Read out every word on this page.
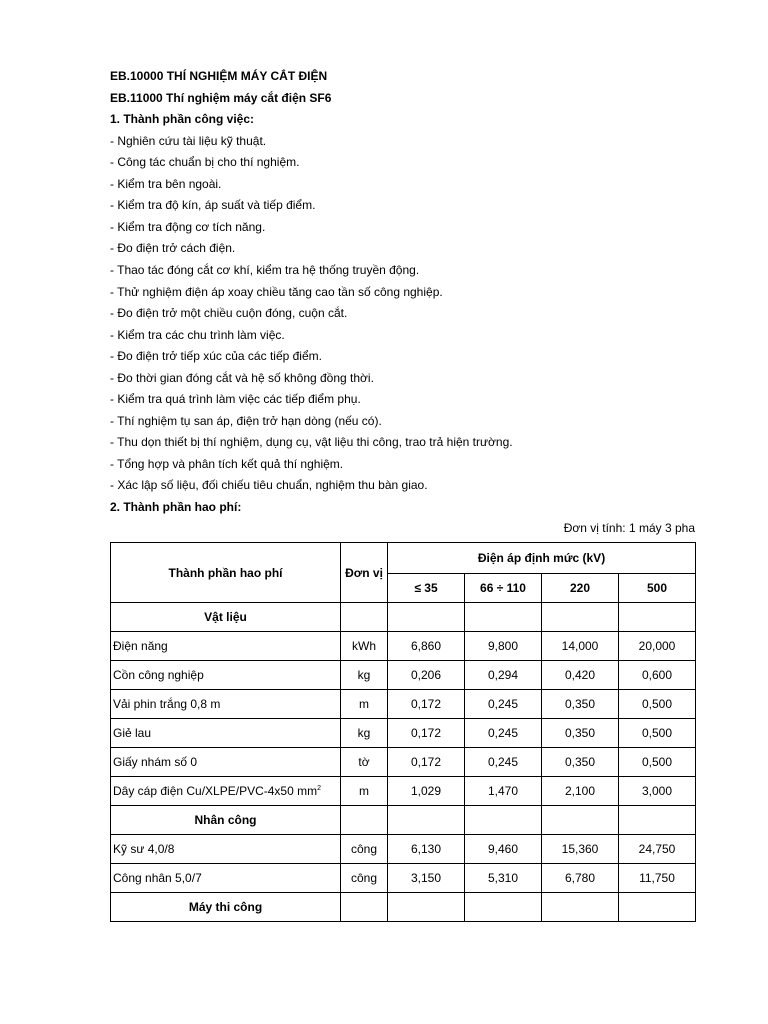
EB.10000 THÍ NGHIỆM MÁY CẮT ĐIỆN
EB.11000 Thí nghiệm máy cắt điện SF6
1. Thành phần công việc:
- Nghiên cứu tài liệu kỹ thuật.
- Công tác chuẩn bị cho thí nghiệm.
- Kiểm tra bên ngoài.
- Kiểm tra độ kín, áp suất và tiếp điểm.
- Kiểm tra động cơ tích năng.
- Đo điện trở cách điện.
- Thao tác đóng cắt cơ khí, kiểm tra hệ thống truyền động.
- Thử nghiệm điện áp xoay chiều tăng cao tần số công nghiệp.
- Đo điện trở một chiều cuộn đóng, cuộn cắt.
- Kiểm tra các chu trình làm việc.
- Đo điện trở tiếp xúc của các tiếp điểm.
- Đo thời gian đóng cắt và hệ số không đồng thời.
- Kiểm tra quá trình làm việc các tiếp điểm phụ.
- Thí nghiệm tụ san áp, điện trở hạn dòng (nếu có).
- Thu dọn thiết bị thí nghiệm, dụng cụ, vật liệu thi công, trao trả hiện trường.
- Tổng hợp và phân tích kết quả thí nghiệm.
- Xác lập số liệu, đối chiếu tiêu chuẩn, nghiệm thu bàn giao.
2. Thành phần hao phí:
Đơn vị tính: 1 máy 3 pha
Thành phần hao phí	Đơn vị	Điện áp định mức (kV)			
		≤ 35	66 ÷ 110	220	500
Vật liệu					
Điện năng	kWh	6,860	9,800	14,000	20,000
Cồn công nghiệp	kg	0,206	0,294	0,420	0,600
Vải phin trắng 0,8 m	m	0,172	0,245	0,350	0,500
Giẻ lau	kg	0,172	0,245	0,350	0,500
Giấy nhám số 0	tờ	0,172	0,245	0,350	0,500
Dây cáp điện Cu/XLPE/PVC-4x50 $mm^2$	m	1,029	1,470	2,100	3,000
Nhân công					
Kỹ sư 4,0/8	công	6,130	9,460	15,360	24,750
Công nhân 5,0/7	công	3,150	5,310	6,780	11,750
Máy thi công					
